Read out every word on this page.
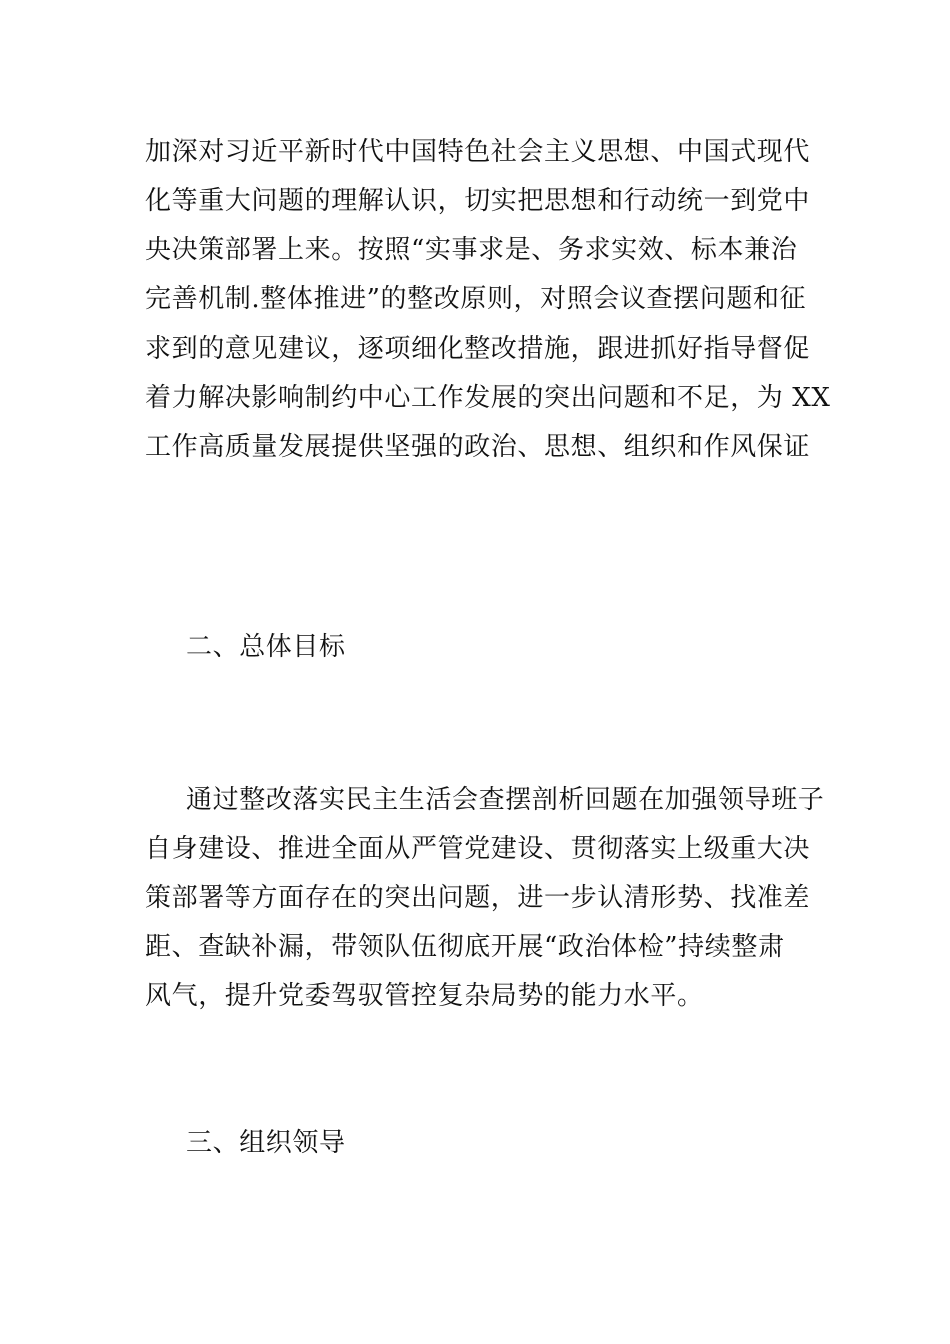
加深对习近平新时代中国特色社会主义思想、中国式现代

化等重大问题的理解认识，切实把思想和行动统一到党中

央决策部署上来。按照“实事求是、务求实效、标本兼治

完善机制.整体推进”的整改原则，对照会议查摆问题和征

求到的意见建议，逐项细化整改措施，跟进抓好指导督促

着力解决影响制约中心工作发展的突出问题和不足，为 XX

工作高质量发展提供坚强的政治、思想、组织和作风保证

二、总体目标

通过整改落实民主生活会查摆剖析回题在加强领导班子

自身建设、推进全面从严管党建设、贯彻落实上级重大决

策部署等方面存在的突出问题，进一步认清形势、找准差

距、查缺补漏，带领队伍彻底开展“政治体检”持续整肃

风气，提升党委驾驭管控复杂局势的能力水平。

三、组织领导
